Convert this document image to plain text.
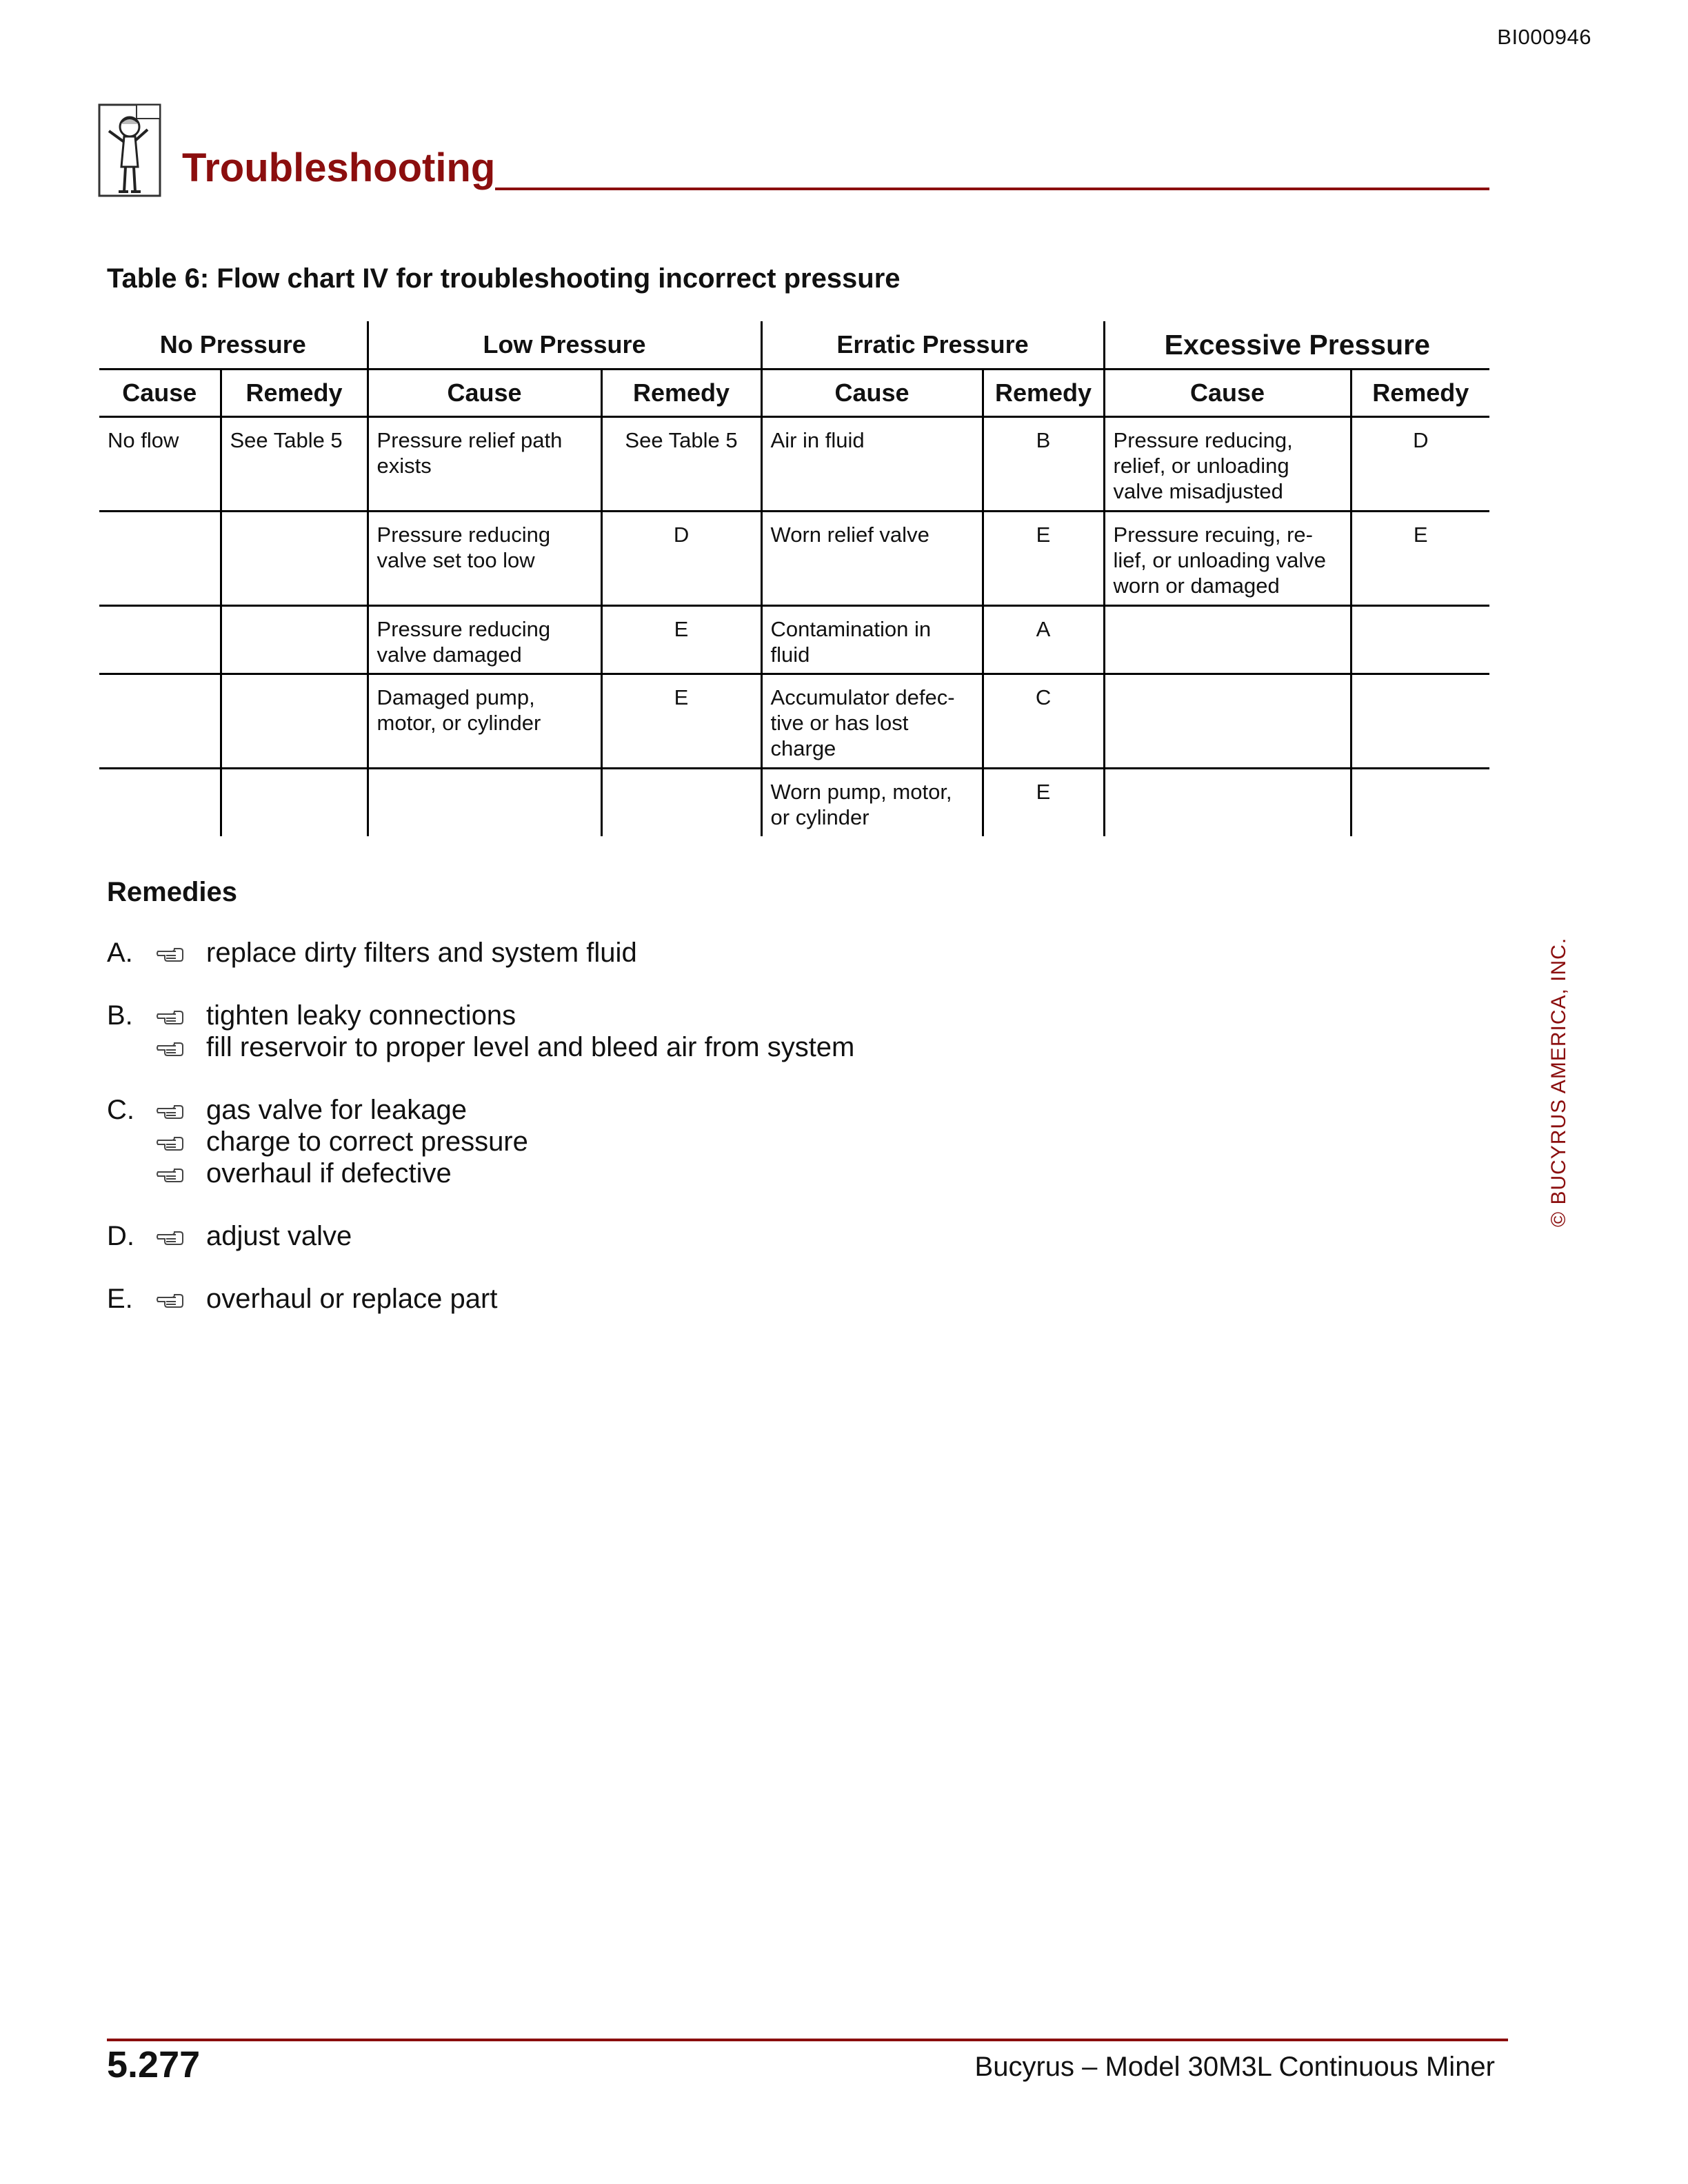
BI000946
Troubleshooting
Table 6: Flow chart IV for troubleshooting incorrect pressure
No Pressure		Low Pressure		Erratic Pressure		Excessive Pressure	
Cause	Remedy	Cause	Remedy	Cause	Remedy	Cause	Remedy
No flow	See Table 5	Pressure relief path exists	See Table 5	Air in fluid	B	Pressure reducing, relief, or unloading valve misadjusted	D
		Pressure reducing valve set too low	D	Worn relief valve	E	Pressure recuing, re-lief, or unloading valve worn or damaged	E
		Pressure reducing valve damaged	E	Contamination in fluid	A		
		Damaged pump, motor, or cylinder	E	Accumulator defec-tive or has lost charge	C		
				Worn pump, motor, or cylinder	E		
Remedies
A.	replace dirty filters and system fluid
B.	tighten leaky connections
fill reservoir to proper level and bleed air from system
C.	gas valve for leakage
charge to correct pressure
overhaul if defective
D.	adjust valve
E.	overhaul or replace part
© BUCYRUS AMERICA, INC.
5.277	Bucyrus – Model 30M3L Continuous Miner
